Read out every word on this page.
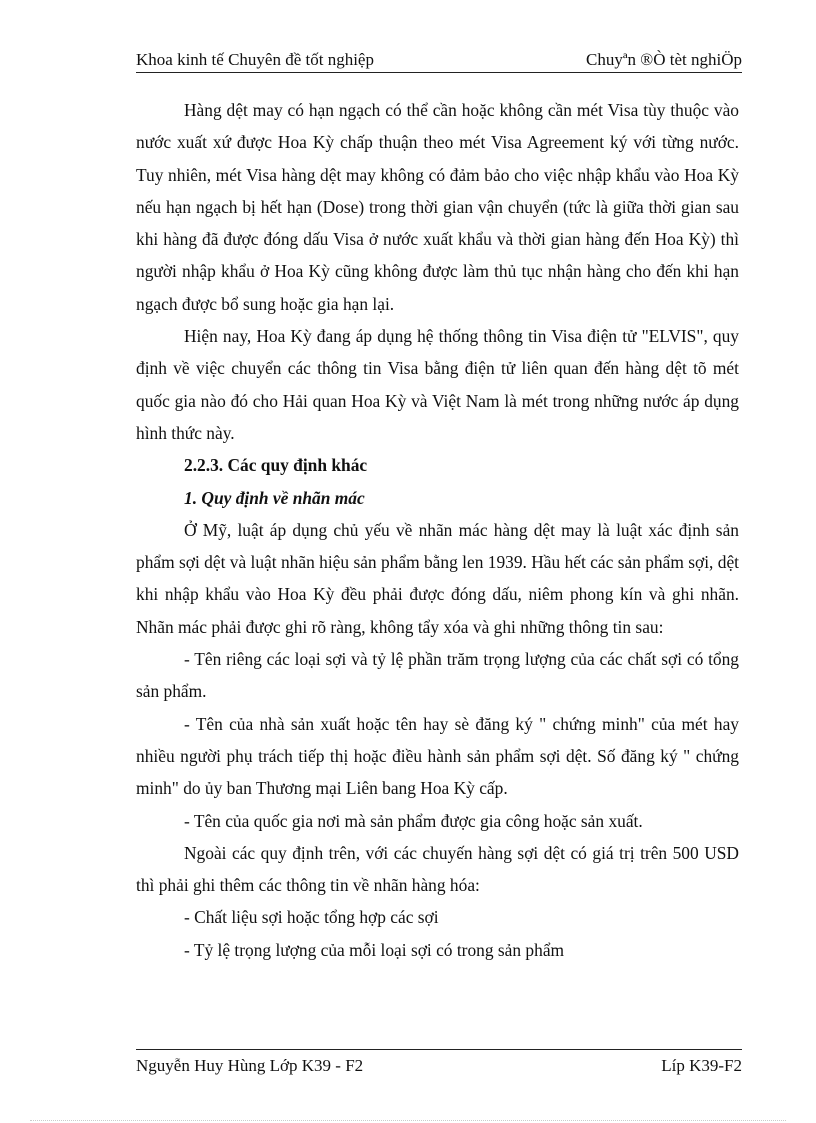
Khoa kinh tế Chuyên đề tốt nghiệp	Chuyªn ®Ò tèt nghiÖp

Hàng dệt may có hạn ngạch có thể cần hoặc không cần mét Visa tùy thuộc vào nước xuất xứ được Hoa Kỳ chấp thuận theo mét Visa Agreement ký với từng nước. Tuy nhiên, mét Visa hàng dệt may không có đảm bảo cho việc nhập khẩu vào Hoa Kỳ nếu hạn ngạch bị hết hạn (Dose) trong thời gian vận chuyển (tức là giữa thời gian sau khi hàng đã được đóng dấu Visa ở nước xuất khẩu và thời gian hàng đến Hoa Kỳ) thì người nhập khẩu ở Hoa Kỳ cũng không được làm thủ tục nhận hàng cho đến khi hạn ngạch được bổ sung hoặc gia hạn lại.

Hiện nay, Hoa Kỳ đang áp dụng hệ thống thông tin Visa điện tử "ELVIS", quy định về việc chuyển các thông tin Visa bằng điện tử liên quan đến hàng dệt tõ mét quốc gia nào đó cho Hải quan Hoa Kỳ và Việt Nam là mét trong những nước áp dụng hình thức này.

2.2.3. Các quy định khác

1. Quy định về nhãn mác

Ở Mỹ, luật áp dụng chủ yếu về nhãn mác hàng dệt may là luật xác định sản phẩm sợi dệt và luật nhãn hiệu sản phẩm bằng len 1939. Hầu hết các sản phẩm sợi, dệt khi nhập khẩu vào Hoa Kỳ đều phải được đóng dấu, niêm phong kín và ghi nhãn. Nhãn mác phải được ghi rõ ràng, không tẩy xóa và ghi những thông tin sau:

- Tên riêng các loại sợi và tỷ lệ phần trăm trọng lượng của các chất sợi có tổng sản phẩm.

- Tên của nhà sản xuất hoặc tên hay sè đăng ký " chứng minh" của mét hay nhiều người phụ trách tiếp thị hoặc điều hành sản phẩm sợi dệt. Số đăng ký " chứng minh" do ủy ban Thương mại Liên bang Hoa Kỳ cấp.

- Tên của quốc gia nơi mà sản phẩm được gia công hoặc sản xuất.

Ngoài các quy định trên, với các chuyến hàng sợi dệt có giá trị trên 500 USD thì phải ghi thêm các thông tin về nhãn hàng hóa:

- Chất liệu sợi hoặc tổng hợp các sợi

- Tỷ lệ trọng lượng của mỗi loại sợi có trong sản phẩm

Nguyễn Huy Hùng Lớp K39 - F2	Líp K39-F2
